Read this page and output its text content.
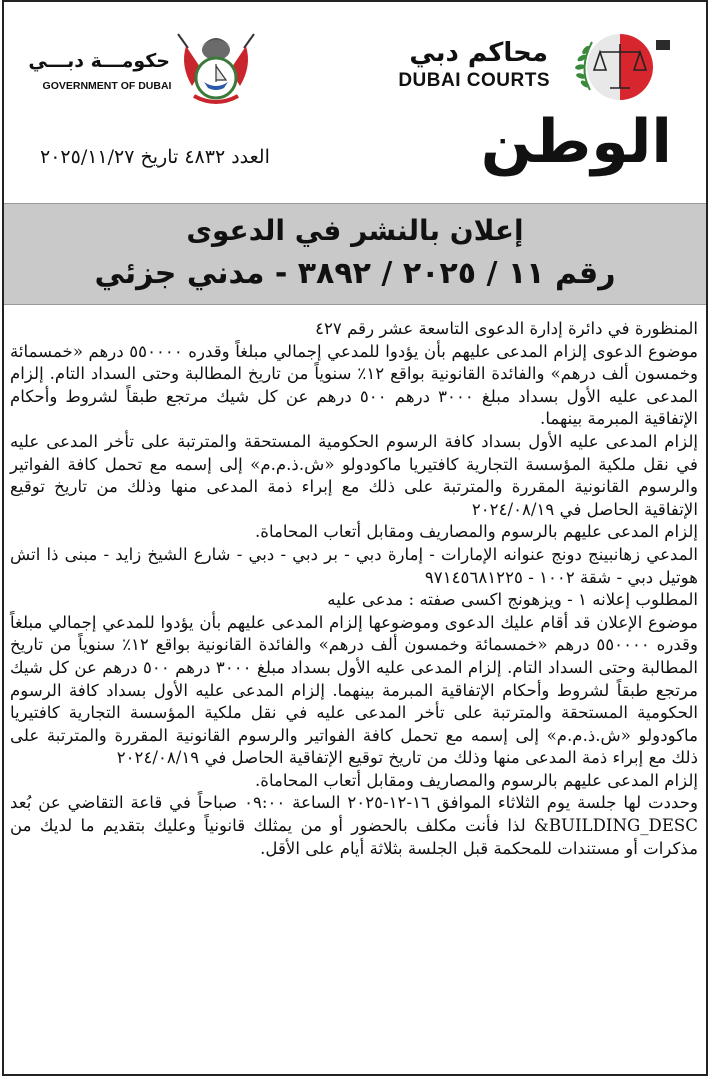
محاكم دبي
DUBAI COURTS
حكومـــة دبـــي
GOVERNMENT OF DUBAI
الوطن
العدد ٤٨٣٢ تاريخ ٢٠٢٥/١١/٢٧
إعلان بالنشر في الدعوى
رقم ١١ / ٢٠٢٥ / ٣٨٩٢ - مدني جزئي

المنظورة في دائرة إدارة الدعوى التاسعة عشر رقم ٤٢٧

موضوع الدعوى إلزام المدعى عليهم بأن يؤدوا للمدعي إجمالي مبلغاً وقدره ٥٥٠٠٠٠ درهم «خمسمائة وخمسون ألف درهم» والفائدة القانونية بواقع ١٢٪ سنوياً من تاريخ المطالبة وحتى السداد التام. إلزام المدعى عليه الأول بسداد مبلغ ٣٠٠٠ درهم ٥٠٠ درهم عن كل شيك مرتجع طبقاً لشروط وأحكام الإتفاقية المبرمة بينهما.

إلزام المدعى عليه الأول بسداد كافة الرسوم الحكومية المستحقة والمترتبة على تأخر المدعى عليه في نقل ملكية المؤسسة التجارية كافتيريا ماكودولو «ش.ذ.م.م» إلى إسمه مع تحمل كافة الفواتير والرسوم القانونية المقررة والمترتبة على ذلك مع إبراء ذمة المدعى منها وذلك من تاريخ توقيع الإتفاقية الحاصل في ٢٠٢٤/٠٨/١٩

إلزام المدعى عليهم بالرسوم والمصاريف ومقابل أتعاب المحاماة.

المدعي زهانبينج دونج عنوانه الإمارات - إمارة دبي - بر دبي - دبي - شارع الشيخ زايد - مبنى ذا اتش هوتيل دبي - شقة ١٠٠٢ - ٩٧١٤٥٦٨١٢٢٥

المطلوب إعلانه ١ - ويزهونج اكسى صفته : مدعى عليه

موضوع الإعلان قد أقام عليك الدعوى وموضوعها إلزام المدعى عليهم بأن يؤدوا للمدعي إجمالي مبلغاً وقدره ٥٥٠٠٠٠ درهم «خمسمائة وخمسون ألف درهم» والفائدة القانونية بواقع ١٢٪ سنوياً من تاريخ المطالبة وحتى السداد التام. إلزام المدعى عليه الأول بسداد مبلغ ٣٠٠٠ درهم ٥٠٠ درهم عن كل شيك مرتجع طبقاً لشروط وأحكام الإتفاقية المبرمة بينهما. إلزام المدعى عليه الأول بسداد كافة الرسوم الحكومية المستحقة والمترتبة على تأخر المدعى عليه في نقل ملكية المؤسسة التجارية كافتيريا ماكودولو «ش.ذ.م.م» إلى إسمه مع تحمل كافة الفواتير والرسوم القانونية المقررة والمترتبة على ذلك مع إبراء ذمة المدعى منها وذلك من تاريخ توقيع الإتفاقية الحاصل في ٢٠٢٤/٠٨/١٩

إلزام المدعى عليهم بالرسوم والمصاريف ومقابل أتعاب المحاماة.

وحددت لها جلسة يوم الثلاثاء الموافق ١٦-١٢-٢٠٢٥ الساعة ٠٩:٠٠ صباحاً في قاعة التقاضي عن بُعد BUILDING_DESC& لذا فأنت مكلف بالحضور أو من يمثلك قانونياً وعليك بتقديم ما لديك من مذكرات أو مستندات للمحكمة قبل الجلسة بثلاثة أيام على الأقل.
